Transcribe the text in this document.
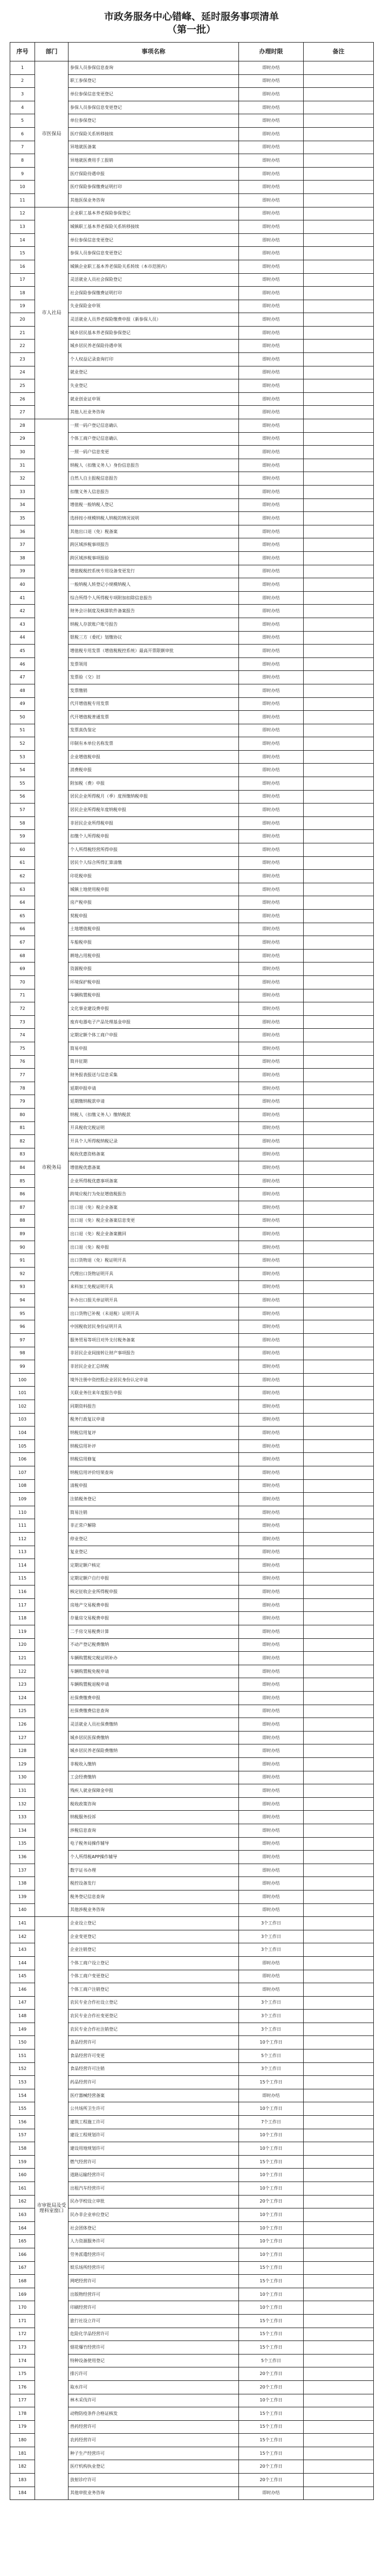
市政务服务中心错峰、延时服务事项清单
（第一批）
序号	部门	事项名称	办理时限	备注
1	市医保局	参保人员参保信息查询	即时办结	
2		职工参保登记	即时办结	
3		单位参保信息变更登记	即时办结	
4		参保人员参保信息变更登记	即时办结	
5		单位参保登记	即时办结	
6		医疗保险关系转移接续	即时办结	
7		异地就医备案	即时办结	
8		异地就医费用手工报销	即时办结	
9		医疗保险待遇申报	即时办结	
10		医疗保险参保缴费证明打印	即时办结	
11		其他医保业务咨询	即时办结	
12	市人社局	企业职工基本养老保险参保登记	即时办结	
13		城镇职工基本养老保险关系转移接续	即时办结	
14		单位参保信息变更登记	即时办结	
15		参保人员参保信息变更登记	即时办结	
16		城镇企业职工基本养老保险关系转续（本市范围内）	即时办结	
17		灵活就业人员社会保险登记	即时办结	
18		社会保险参保缴费证明打印	即时办结	
19		失业保险金申领	即时办结	
20		灵活就业人员养老保险缴费申报（新参保人员）	即时办结	
21		城乡居民基本养老保险参保登记	即时办结	
22		城乡居民养老保险待遇申领	即时办结	
23		个人权益记录查询打印	即时办结	
24		就业登记	即时办结	
25		失业登记	即时办结	
26		就业创业证申领	即时办结	
27		其他人社业务咨询	即时办结	
28	市税务局	一照一码户登记信息确认	即时办结	
29		个体工商户登记信息确认	即时办结	
30		一照一码户信息变更	即时办结	
31		纳税人（扣缴义务人）身份信息报告	即时办结	
32		自然人自主报税信息报告	即时办结	
33		扣缴义务人信息报告	即时办结	
34		增值税一般纳税人登记	即时办结	
35		选择按小规模纳税人纳税的情况说明	即时办结	
36		其他出口退（免）税备案	即时办结	
37		跨区域涉税事项报告	即时办结	
38		跨区域涉税事项报验	即时办结	
39		增值税税控系统专用设备变更发行	即时办结	
40		一般纳税人转登记小规模纳税人	即时办结	
41		综合所得个人所得税专项附加扣除信息报告	即时办结	
42		财务会计制度及核算软件备案报告	即时办结	
43		纳税人存款账户账号报告	即时办结	
44		银税三方（委托）划缴协议	即时办结	
45		增值税专用发票（增值税税控系统）最高开票限额审批	即时办结	
46		发票领用	即时办结	
47		发票验（交）旧	即时办结	
48		发票缴销	即时办结	
49		代开增值税专用发票	即时办结	
50		代开增值税普通发票	即时办结	
51		发票真伪鉴定	即时办结	
52		印制有本单位名称发票	即时办结	
53		企业增值税申报	即时办结	
54		消费税申报	即时办结	
55		附加税（费）申报	即时办结	
56		居民企业所得税月（季）度预缴纳税申报	即时办结	
57		居民企业所得税年度纳税申报	即时办结	
58		非居民企业所得税申报	即时办结	
59		扣缴个人所得税申报	即时办结	
60		个人所得税经营所得申报	即时办结	
61		居民个人综合所得汇算清缴	即时办结	
62		印花税申报	即时办结	
63		城镇土地使用税申报	即时办结	
64		房产税申报	即时办结	
65		契税申报	即时办结	
66		土地增值税申报	即时办结	
67		车船税申报	即时办结	
68		耕地占用税申报	即时办结	
69		资源税申报	即时办结	
70		环境保护税申报	即时办结	
71		车辆购置税申报	即时办结	
72		文化事业建设费申报	即时办结	
73		废弃电器电子产品处理基金申报	即时办结	
74		定期定额个体工商户申报	即时办结	
75		简易申报	即时办结	
76		简并征期	即时办结	
77		财务报表报送与信息采集	即时办结	
78		延期申报申请	即时办结	
79		延期缴纳税款申请	即时办结	
80		纳税人（扣缴义务人）缴纳税款	即时办结	
81		开具税收完税证明	即时办结	
82		开具个人所得税纳税记录	即时办结	
83		税收优惠资格备案	即时办结	
84		增值税优惠备案	即时办结	
85		企业所得税优惠事项备案	即时办结	
86		跨境应税行为免征增值税报告	即时办结	
87		出口退（免）税企业备案	即时办结	
88		出口退（免）税企业备案信息变更	即时办结	
89		出口退（免）税企业备案撤回	即时办结	
90		出口退（免）税申报	即时办结	
91		出口货物退（免）税证明开具	即时办结	
92		代理出口货物证明开具	即时办结	
93		来料加工免税证明开具	即时办结	
94		补办出口报关单证明开具	即时办结	
95		出口货物已补税（未退税）证明开具	即时办结	
96		中国税收居民身份证明开具	即时办结	
97		服务贸易等项目对外支付税务备案	即时办结	
98		非居民企业间接转让财产事项报告	即时办结	
99		非居民企业汇总纳税	即时办结	
100		境外注册中资控股企业居民身份认定申请	即时办结	
101		关联业务往来年度报告申报	即时办结	
102		同期资料报告	即时办结	
103		税务行政复议申请	即时办结	
104		纳税信用复评	即时办结	
105		纳税信用补评	即时办结	
106		纳税信用修复	即时办结	
107		纳税信用评价结果查询	即时办结	
108		清税申报	即时办结	
109		注销税务登记	即时办结	
110		简易注销	即时办结	
111		非正常户解除	即时办结	
112		停业登记	即时办结	
113		复业登记	即时办结	
114		定期定额户核定	即时办结	
115		定期定额户自行申报	即时办结	
116		核定征收企业所得税申报	即时办结	
117		房地产交易税费申报	即时办结	
118		存量房交易税费申报	即时办结	
119		二手房交易税费计算	即时办结	
120		不动产登记税费缴纳	即时办结	
121		车辆购置税完税证明补办	即时办结	
122		车辆购置税免税申请	即时办结	
123		车辆购置税退税申请	即时办结	
124		社保费缴费申报	即时办结	
125		社保费缴费信息查询	即时办结	
126		灵活就业人员社保费缴纳	即时办结	
127		城乡居民医保费缴纳	即时办结	
128		城乡居民养老保险费缴纳	即时办结	
129		非税收入缴纳	即时办结	
130		工会经费缴纳	即时办结	
131		残疾人就业保障金申报	即时办结	
132		税收政策咨询	即时办结	
133		纳税服务投诉	即时办结	
134		涉税信息查询	即时办结	
135		电子税务局操作辅导	即时办结	
136		个人所得税APP操作辅导	即时办结	
137		数字证书办理	即时办结	
138		税控设备发行	即时办结	
139		税务登记信息查询	即时办结	
140		其他涉税业务咨询	即时办结	
141	市审批局及受理科室窗口	企业设立登记	3个工作日	
142		企业变更登记	3个工作日	
143		企业注销登记	3个工作日	
144		个体工商户设立登记	即时办结	
145		个体工商户变更登记	即时办结	
146		个体工商户注销登记	即时办结	
147		农民专业合作社设立登记	3个工作日	
148		农民专业合作社变更登记	3个工作日	
149		农民专业合作社注销登记	3个工作日	
150		食品经营许可	10个工作日	
151		食品经营许可变更	5个工作日	
152		食品经营许可注销	3个工作日	
153		药品经营许可	15个工作日	
154		医疗器械经营备案	即时办结	
155		公共场所卫生许可	10个工作日	
156		建筑工程施工许可	7个工作日	
157		建设工程规划许可	10个工作日	
158		建设用地规划许可	10个工作日	
159		燃气经营许可	15个工作日	
160		道路运输经营许可	10个工作日	
161		出租汽车经营许可	10个工作日	
162		民办学校设立审批	20个工作日	
163		民办非企业单位登记	10个工作日	
164		社会团体登记	10个工作日	
165		人力资源服务许可	10个工作日	
166		劳务派遣经营许可	10个工作日	
167		娱乐场所经营许可	15个工作日	
168		网吧经营许可	15个工作日	
169		出版物经营许可	10个工作日	
170		印刷经营许可	10个工作日	
171		旅行社设立许可	15个工作日	
172		危险化学品经营许可	15个工作日	
173		烟花爆竹经营许可	15个工作日	
174		特种设备使用登记	5个工作日	
175		排污许可	20个工作日	
176		取水许可	20个工作日	
177		林木采伐许可	10个工作日	
178		动物防疫条件合格证核发	15个工作日	
179		兽药经营许可	15个工作日	
180		农药经营许可	15个工作日	
181		种子生产经营许可	15个工作日	
182		医疗机构执业登记	20个工作日	
183		放射诊疗许可	20个工作日	
184		其他审批业务咨询	即时办结	
